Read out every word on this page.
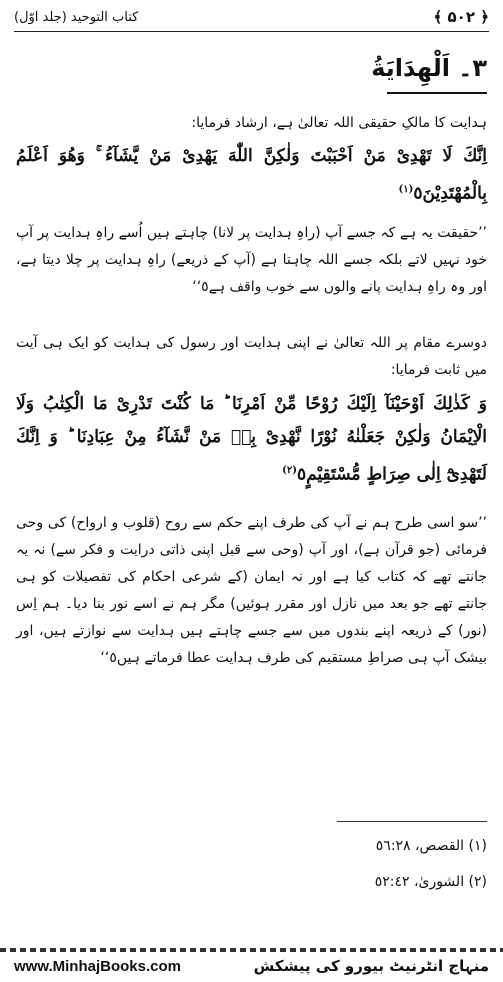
﴿ ۵۰۲ ﴾
کتاب التوحید (جلد اوّل)
٣۔ اَلْهِدَايَةُ
ہدایت کا مالکِ حقیقی اللہ تعالیٰ ہے، ارشاد فرمایا:
اِنَّكَ لَا تَهْدِیْ مَنْ اَحْبَبْتَ وَلٰكِنَّ اللّٰهَ یَهْدِیْ مَنْ یَّشَآءُ ۚ وَهُوَ اَعْلَمُ بِالْمُهْتَدِیْنَ٥$^{(١)}$
’’حقیقت یہ ہے کہ جسے آپ (راہِ ہدایت پر لانا) چاہتے ہیں اُسے راہِ ہدایت پر آپ خود نہیں لاتے بلکہ جسے اللہ چاہتا ہے (آپ کے ذریعے) راہِ ہدایت پر چلا دیتا ہے، اور وہ راہِ ہدایت پانے والوں سے خوب واقف ہے٥‘‘
دوسرے مقام پر اللہ تعالیٰ نے اپنی ہدایت اور رسول کی ہدایت کو ایک ہی آیت میں ثابت فرمایا:
وَ كَذٰلِكَ اَوْحَیْنَآ اِلَیْكَ رُوْحًا مِّنْ اَمْرِنَا ؕ مَا كُنْتَ تَدْرِیْ مَا الْكِتٰبُ وَلَا الْاِیْمَانُ وَلٰكِنْ جَعَلْنٰهُ نُوْرًا نَّهْدِیْ بِهٖ مَنْ نَّشَآءُ مِنْ عِبَادِنَا ؕ وَ اِنَّكَ لَتَهْدِیْٓ اِلٰی صِرَاطٍ مُّسْتَقِیْمٍ٥$^{(٢)}$
’’سو اسی طرح ہم نے آپ کی طرف اپنے حکم سے روح (قلوب و ارواح) کی وحی فرمائی (جو قرآن ہے)، اور آپ (وحی سے قبل اپنی ذاتی درایت و فکر سے) نہ یہ جانتے تھے کہ کتاب کیا ہے اور نہ ایمان (کے شرعی احکام کی تفصیلات کو ہی جانتے تھے جو بعد میں نازل اور مقرر ہوئیں) مگر ہم نے اسے نور بنا دیا۔ ہم اِس (نور) کے ذریعہ اپنے بندوں میں سے جسے چاہتے ہیں ہدایت سے نوازتے ہیں، اور بیشک آپ ہی صراطِ مستقیم کی طرف ہدایت عطا فرماتے ہیں٥‘‘
(١) القصص، ٥٦:٢٨
(٢) الشوریٰ، ٥٢:٤٢
منہاج انٹرنیٹ بیورو کی پیشکش
www.MinhajBooks.com
